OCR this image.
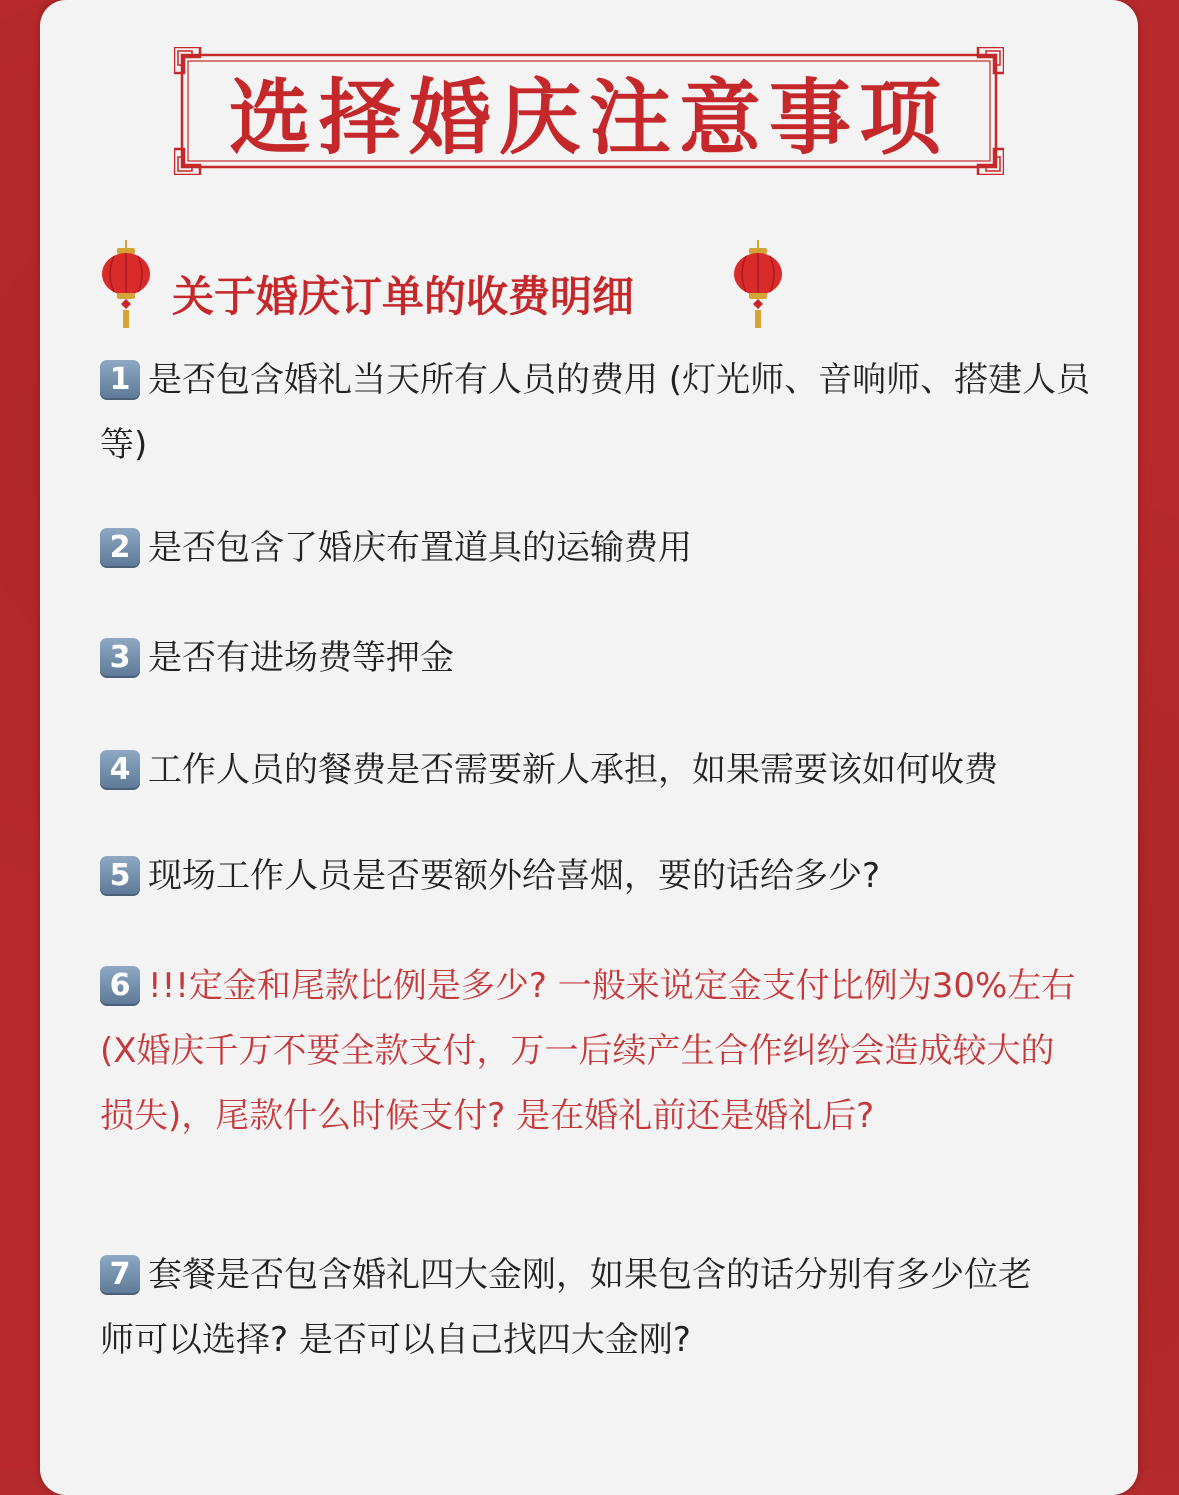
选择婚庆注意事项
关于婚庆订单的收费明细
1 是否包含婚礼当天所有人员的费用 (灯光师、音响师、搭建人员等)
2 是否包含了婚庆布置道具的运输费用
3 是否有进场费等押金
4 工作人员的餐费是否需要新人承担，如果需要该如何收费
5 现场工作人员是否要额外给喜烟，要的话给多少?
6 !!!定金和尾款比例是多少? 一般来说定金支付比例为30%左右(X婚庆千万不要全款支付，万一后续产生合作纠纷会造成较大的损失)，尾款什么时候支付? 是在婚礼前还是婚礼后?
7 套餐是否包含婚礼四大金刚，如果包含的话分别有多少位老师可以选择? 是否可以自己找四大金刚?
